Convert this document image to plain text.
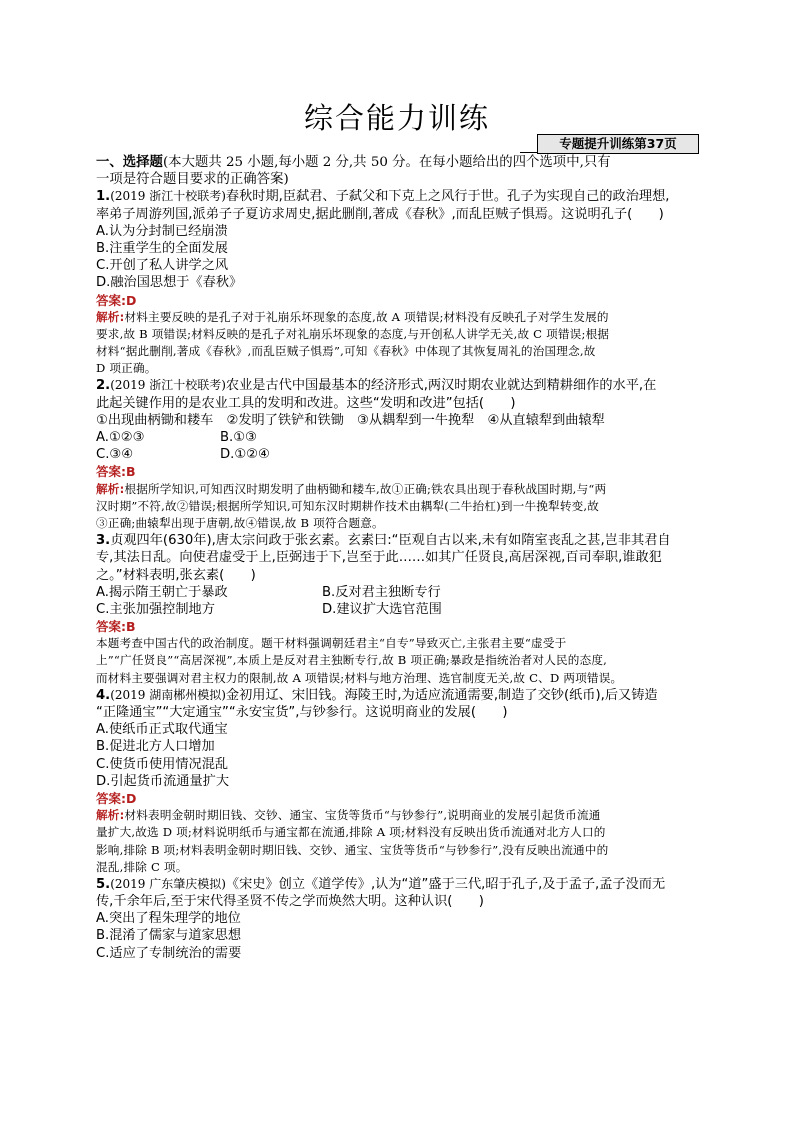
综合能力训练
专题提升训练第37页
一、选择题(本大题共 25 小题,每小题 2 分,共 50 分。在每小题给出的四个选项中,只有
一项是符合题目要求的正确答案)
1.(2019 浙江十校联考)春秋时期,臣弑君、子弑父和下克上之风行于世。孔子为实现自己的政治理想,
率弟子周游列国,派弟子子夏访求周史,据此删削,著成《春秋》,而乱臣贼子惧焉。这说明孔子(　　)
A.认为分封制已经崩溃
B.注重学生的全面发展
C.开创了私人讲学之风
D.融治国思想于《春秋》
答案:D
解析:材料主要反映的是孔子对于礼崩乐坏现象的态度,故 A 项错误;材料没有反映孔子对学生发展的
要求,故 B 项错误;材料反映的是孔子对礼崩乐坏现象的态度,与开创私人讲学无关,故 C 项错误;根据
材料“据此删削,著成《春秋》,而乱臣贼子惧焉”,可知《春秋》中体现了其恢复周礼的治国理念,故
D 项正确。
2.(2019 浙江十校联考)农业是古代中国最基本的经济形式,两汉时期农业就达到精耕细作的水平,在
此起关键作用的是农业工具的发明和改进。这些“发明和改进”包括(　　)
①出现曲柄锄和耧车　②发明了铁铲和铁锄　③从耦犁到一牛挽犁　④从直辕犁到曲辕犁
A.①②③	B.①③
C.③④	D.①②④
答案:B
解析:根据所学知识,可知西汉时期发明了曲柄锄和耧车,故①正确;铁农具出现于春秋战国时期,与“两
汉时期”不符,故②错误;根据所学知识,可知东汉时期耕作技术由耦犁(二牛抬杠)到一牛挽犁转变,故
③正确;曲辕犁出现于唐朝,故④错误,故 B 项符合题意。
3.贞观四年(630年),唐太宗问政于张玄素。玄素曰:“臣观自古以来,未有如隋室丧乱之甚,岂非其君自
专,其法日乱。向使君虚受于上,臣弼违于下,岂至于此……如其广任贤良,高居深视,百司奉职,谁敢犯
之。”材料表明,张玄素(　　)
A.揭示隋王朝亡于暴政	B.反对君主独断专行
C.主张加强控制地方	D.建议扩大选官范围
答案:B
本题考查中国古代的政治制度。题干材料强调朝廷君主“自专”导致灭亡,主张君主要“虚受于
上”“广任贤良”“高居深视”,本质上是反对君主独断专行,故 B 项正确;暴政是指统治者对人民的态度,
而材料主要强调对君主权力的限制,故 A 项错误;材料与地方治理、选官制度无关,故 C、D 两项错误。
4.(2019 湖南郴州模拟)金初用辽、宋旧钱。海陵王时,为适应流通需要,制造了交钞(纸币),后又铸造
“正隆通宝”“大定通宝”“永安宝货”,与钞参行。这说明商业的发展(　　)
A.使纸币正式取代通宝
B.促进北方人口增加
C.使货币使用情况混乱
D.引起货币流通量扩大
答案:D
解析:材料表明金朝时期旧钱、交钞、通宝、宝货等货币“与钞参行”,说明商业的发展引起货币流通
量扩大,故选 D 项;材料说明纸币与通宝都在流通,排除 A 项;材料没有反映出货币流通对北方人口的
影响,排除 B 项;材料表明金朝时期旧钱、交钞、通宝、宝货等货币“与钞参行”,没有反映出流通中的
混乱,排除 C 项。
5.(2019 广东肇庆模拟)《宋史》创立《道学传》,认为“道”盛于三代,昭于孔子,及于孟子,孟子没而无
传,千余年后,至于宋代得圣贤不传之学而焕然大明。这种认识(　　)
A.突出了程朱理学的地位
B.混淆了儒家与道家思想
C.适应了专制统治的需要
